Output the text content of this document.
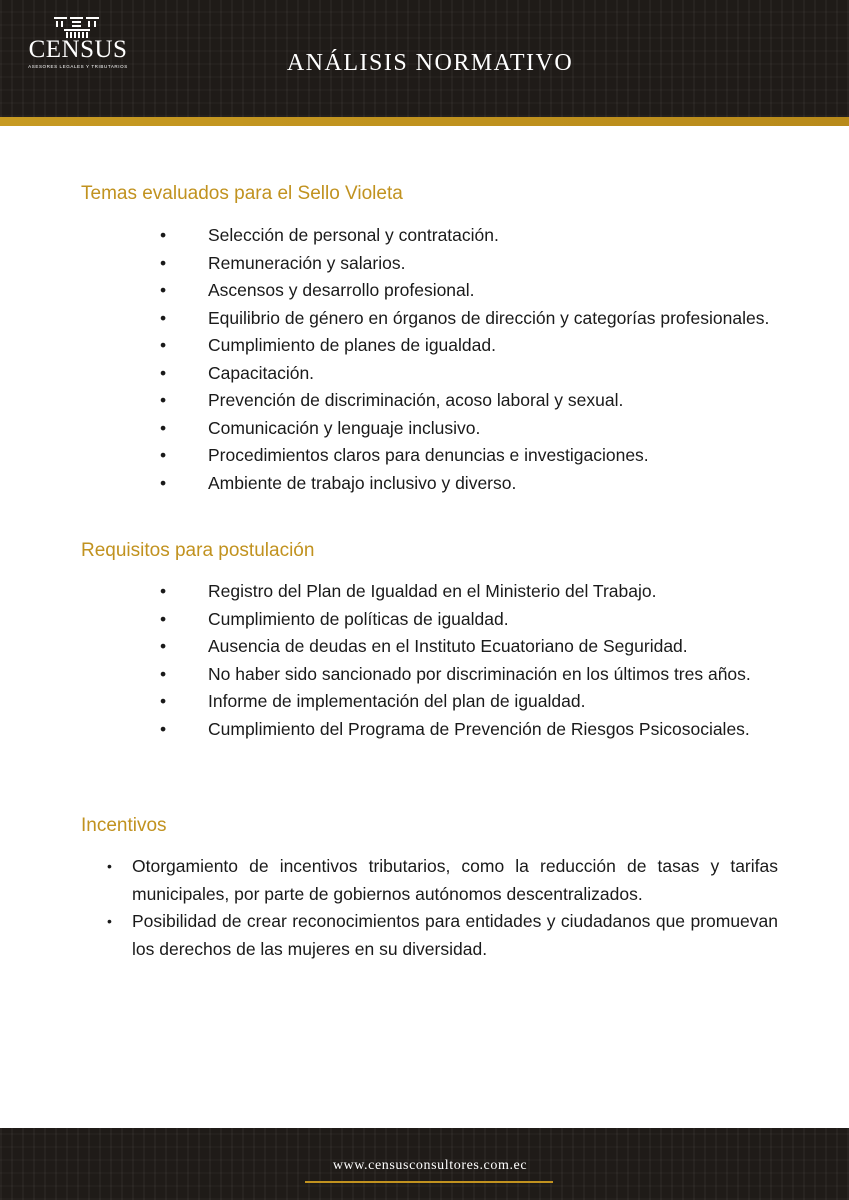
CENSUS
ASESORES LEGALES Y TRIBUTARIOS	ANÁLISIS NORMATIVO
Temas evaluados para el Sello Violeta
• Selección de personal y contratación.
• Remuneración y salarios.
• Ascensos y desarrollo profesional.
• Equilibrio de género en órganos de dirección y categorías profesionales.
• Cumplimiento de planes de igualdad.
• Capacitación.
• Prevención de discriminación, acoso laboral y sexual.
• Comunicación y lenguaje inclusivo.
• Procedimientos claros para denuncias e investigaciones.
• Ambiente de trabajo inclusivo y diverso.
Requisitos para postulación
• Registro del Plan de Igualdad en el Ministerio del Trabajo.
• Cumplimiento de políticas de igualdad.
• Ausencia de deudas en el Instituto Ecuatoriano de Seguridad.
• No haber sido sancionado por discriminación en los últimos tres años.
• Informe de implementación del plan de igualdad.
• Cumplimiento del Programa de Prevención de Riesgos Psicosociales.
Incentivos
• Otorgamiento de incentivos tributarios, como la reducción de tasas y tarifas municipales, por parte de gobiernos autónomos descentralizados.
• Posibilidad de crear reconocimientos para entidades y ciudadanos que promuevan los derechos de las mujeres en su diversidad.
www.censusconsultores.com.ec
